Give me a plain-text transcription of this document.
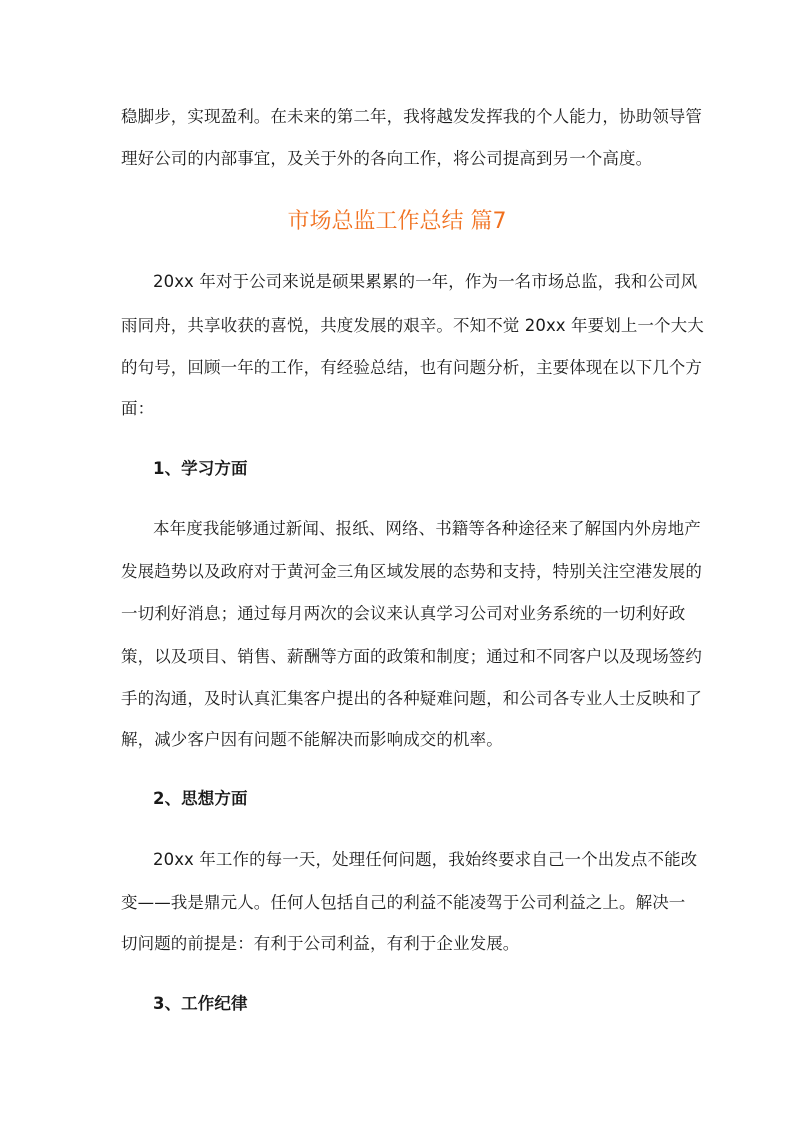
稳脚步，实现盈利。在未来的第二年，我将越发发挥我的个人能力，协助领导管

理好公司的内部事宜，及关于外的各向工作，将公司提高到另一个高度。

市场总监工作总结 篇7

20xx 年对于公司来说是硕果累累的一年，作为一名市场总监，我和公司风

雨同舟，共享收获的喜悦，共度发展的艰辛。不知不觉 20xx 年要划上一个大大

的句号，回顾一年的工作，有经验总结，也有问题分析，主要体现在以下几个方

面：

1、学习方面

本年度我能够通过新闻、报纸、网络、书籍等各种途径来了解国内外房地产

发展趋势以及政府对于黄河金三角区域发展的态势和支持，特别关注空港发展的

一切利好消息；通过每月两次的会议来认真学习公司对业务系统的一切利好政

策，以及项目、销售、薪酬等方面的政策和制度；通过和不同客户以及现场签约

手的沟通，及时认真汇集客户提出的各种疑难问题，和公司各专业人士反映和了

解，减少客户因有问题不能解决而影响成交的机率。

2、思想方面

20xx 年工作的每一天，处理任何问题，我始终要求自己一个出发点不能改

变——我是鼎元人。任何人包括自己的利益不能凌驾于公司利益之上。解决一

切问题的前提是：有利于公司利益，有利于企业发展。

3、工作纪律
